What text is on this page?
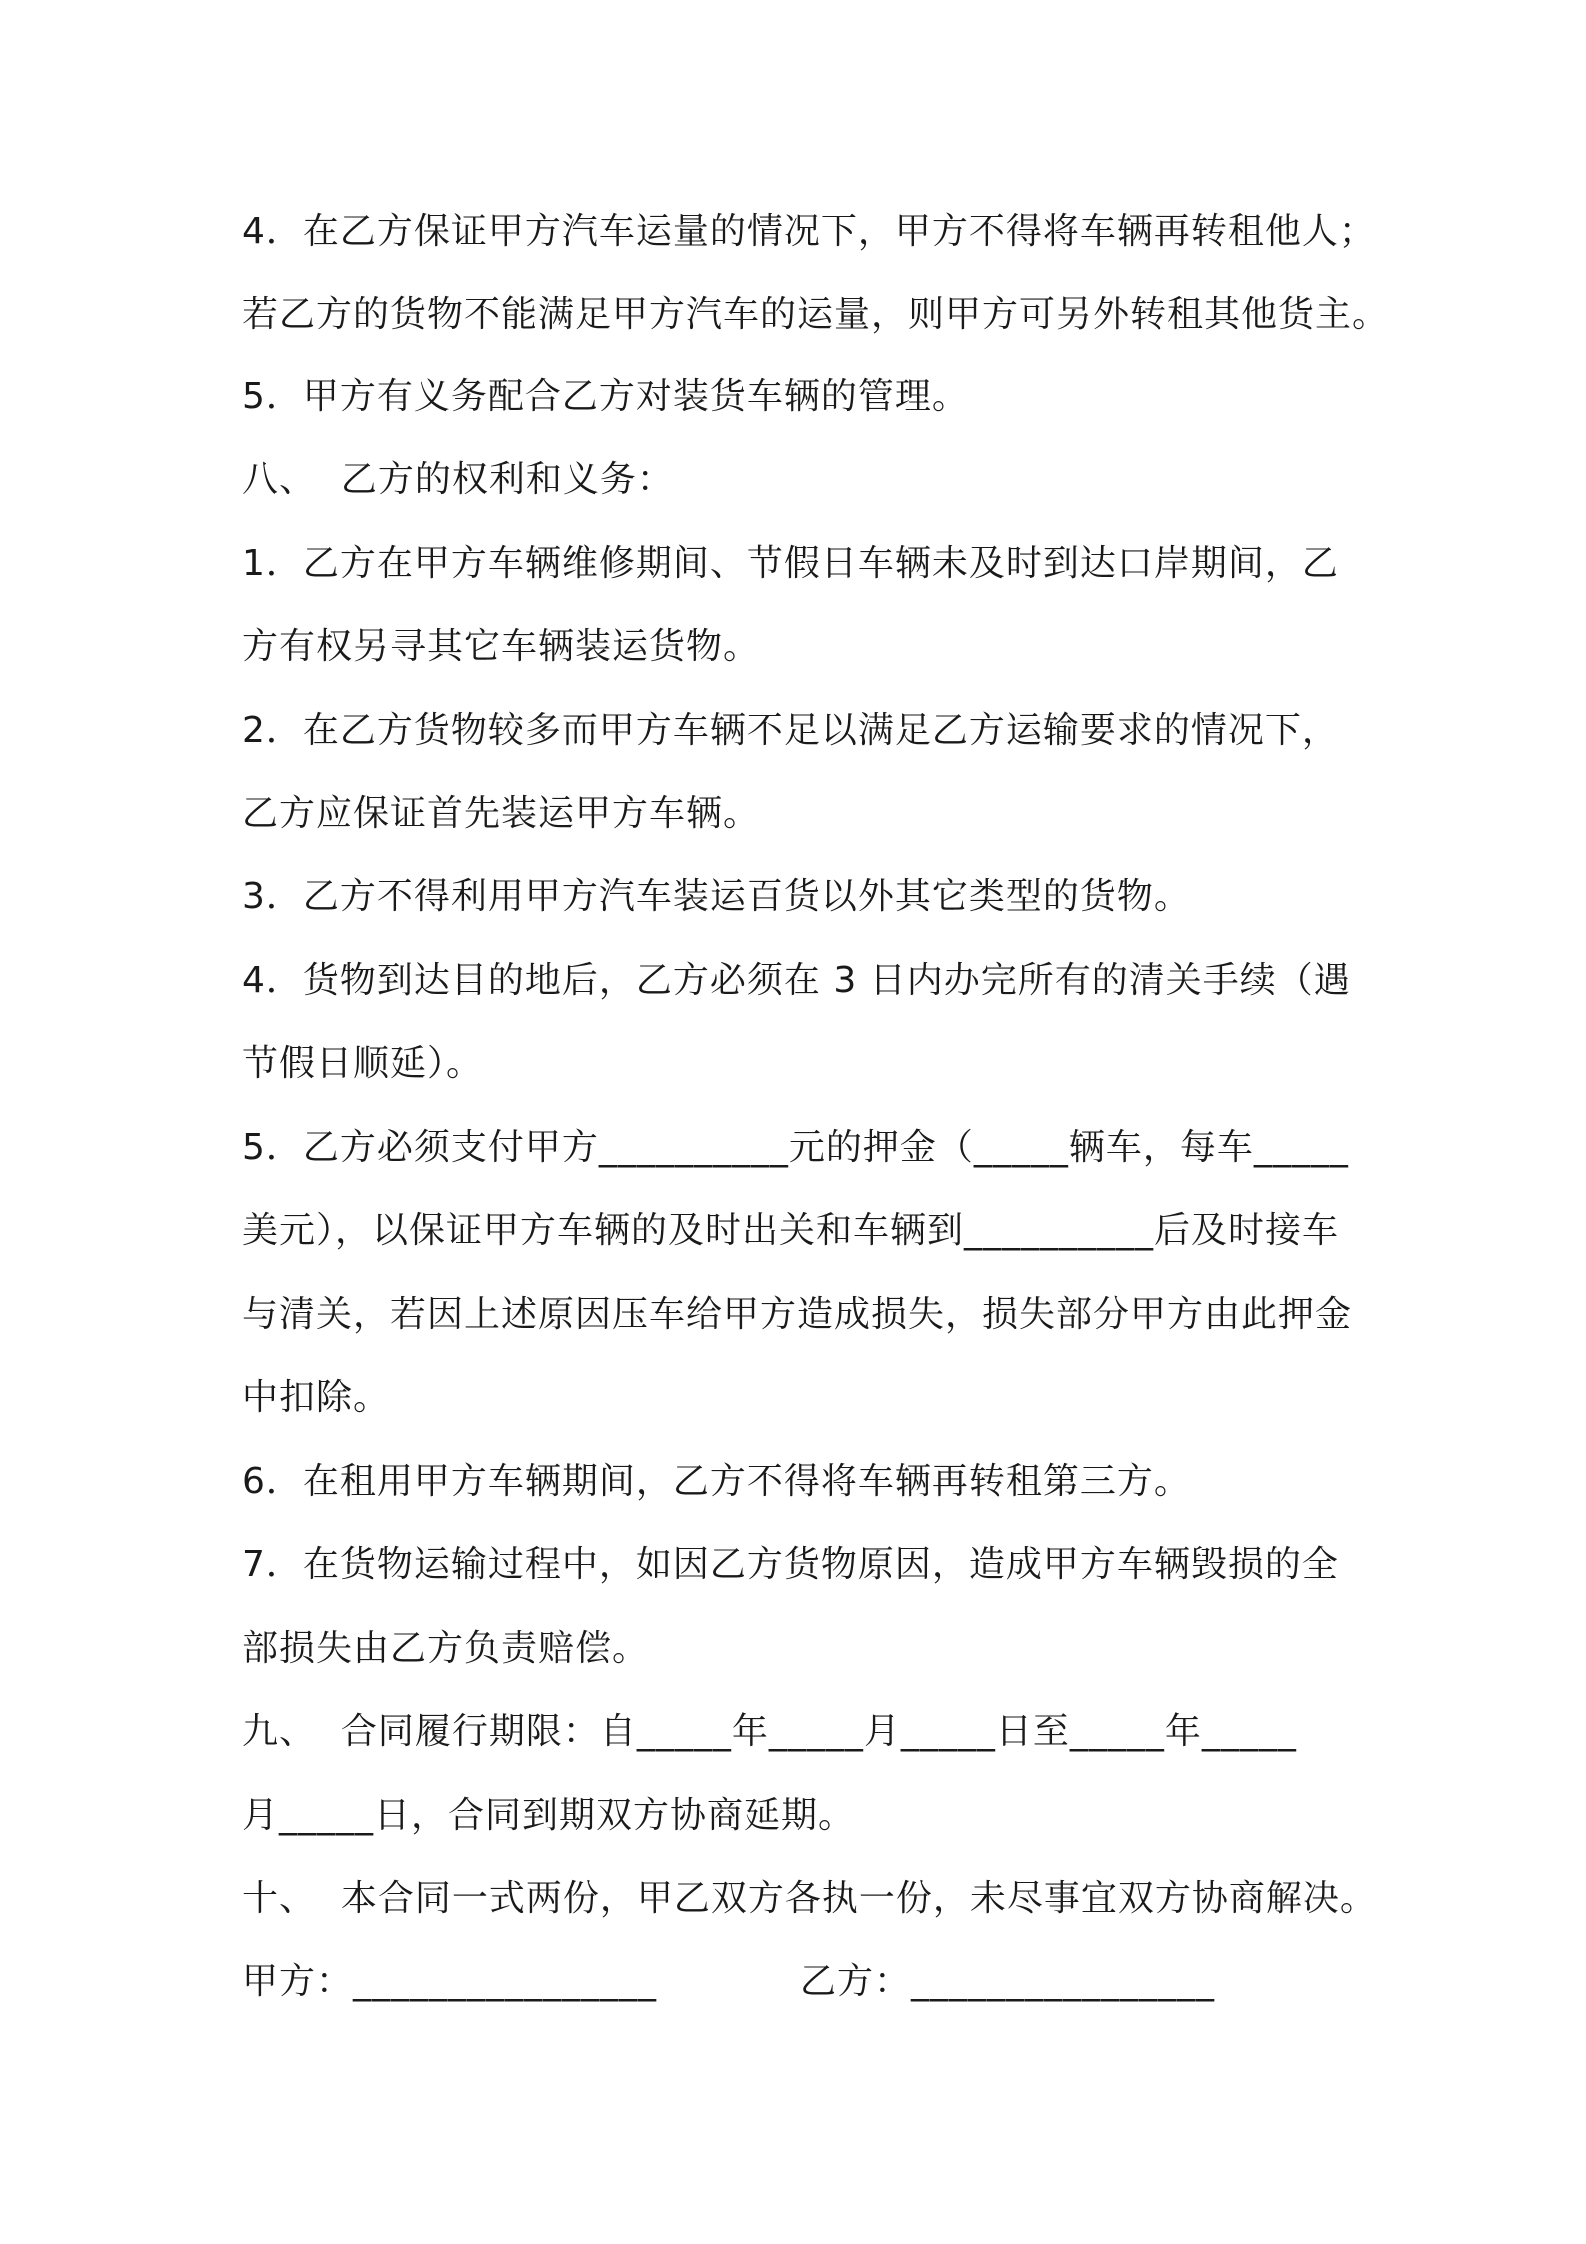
4．在乙方保证甲方汽车运量的情况下，甲方不得将车辆再转租他人；
若乙方的货物不能满足甲方汽车的运量，则甲方可另外转租其他货主。
5．甲方有义务配合乙方对装货车辆的管理。
八、  乙方的权利和义务：
1．乙方在甲方车辆维修期间、节假日车辆未及时到达口岸期间，乙
方有权另寻其它车辆装运货物。
2．在乙方货物较多而甲方车辆不足以满足乙方运输要求的情况下，
乙方应保证首先装运甲方车辆。
3．乙方不得利用甲方汽车装运百货以外其它类型的货物。
4．货物到达目的地后，乙方必须在 3 日内办完所有的清关手续（遇
节假日顺延）。
5．乙方必须支付甲方__________元的押金（_____辆车，每车_____
美元），以保证甲方车辆的及时出关和车辆到__________后及时接车
与清关，若因上述原因压车给甲方造成损失，损失部分甲方由此押金
中扣除。
6．在租用甲方车辆期间，乙方不得将车辆再转租第三方。
7．在货物运输过程中，如因乙方货物原因，造成甲方车辆毁损的全
部损失由乙方负责赔偿。
九、  合同履行期限：自_____年_____月_____日至_____年_____
月_____日，合同到期双方协商延期。
十、  本合同一式两份，甲乙双方各执一份，未尽事宜双方协商解决。
甲方：________________	乙方：________________
